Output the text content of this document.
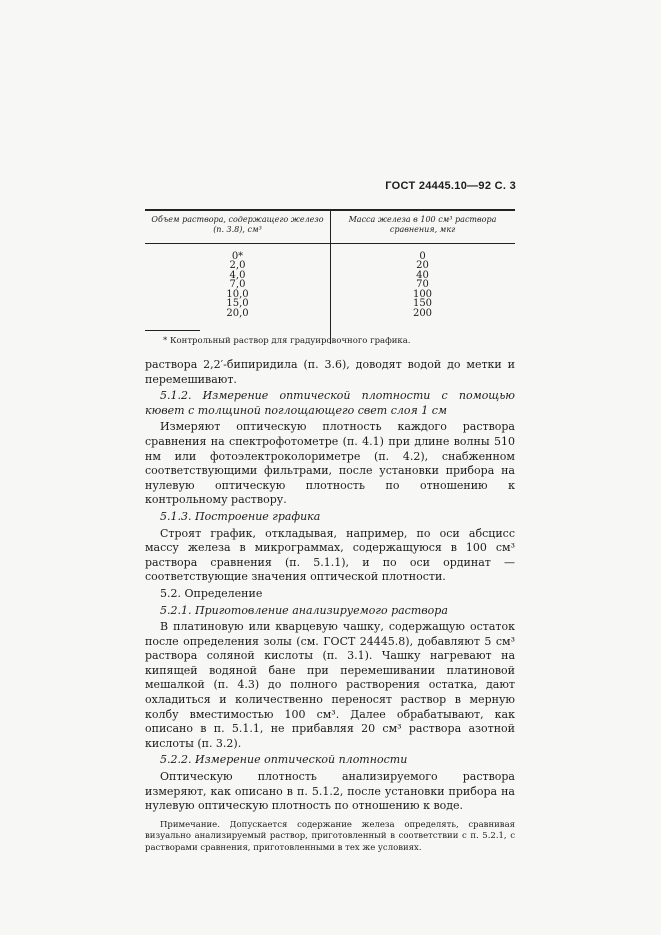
ГОСТ 24445.10—92 С. 3
Объем раствора, содержащего железо (п. 3.8), см³
Масса железа в 100 см³ раствора сравнения, мкг
0*
2,0
4,0
7,0
10,0
15,0
20,0
0
20
40
70
100
150
200
* Контрольный раствор для градуировочного графика.

раствора 2,2′-бипиридила (п. 3.6), доводят водой до метки и перемешивают.

5.1.2. Измерение оптической плотности с помощью кювет с толщиной поглощающего свет слоя 1 см

Измеряют оптическую плотность каждого раствора сравнения на спектрофотометре (п. 4.1) при длине волны 510 нм или фотоэлектроколориметре (п. 4.2), снабженном соответствующими фильтрами, после установки прибора на нулевую оптическую плотность по отношению к контрольному раствору.

5.1.3. Построение графика

Строят график, откладывая, например, по оси абсцисс массу железа в микрограммах, содержащуюся в 100 см³ раствора сравнения (п. 5.1.1), и по оси ординат — соответствующие значения оптической плотности.

5.2. Определение

5.2.1. Приготовление анализируемого раствора

В платиновую или кварцевую чашку, содержащую остаток после определения золы (см. ГОСТ 24445.8), добавляют 5 см³ раствора соляной кислоты (п. 3.1). Чашку нагревают на кипящей водяной бане при перемешивании платиновой мешалкой (п. 4.3) до полного растворения остатка, дают охладиться и количественно переносят раствор в мерную колбу вместимостью 100 см³. Далее обрабатывают, как описано в п. 5.1.1, не прибавляя 20 см³ раствора азотной кислоты (п. 3.2).

5.2.2. Измерение оптической плотности

Оптическую плотность анализируемого раствора измеряют, как описано в п. 5.1.2, после установки прибора на нулевую оптическую плотность по отношению к воде.

Примечание. Допускается содержание железа определять, сравнивая визуально анализируемый раствор, приготовленный в соответствии с п. 5.2.1, с растворами сравнения, приготовленными в тех же условиях.
